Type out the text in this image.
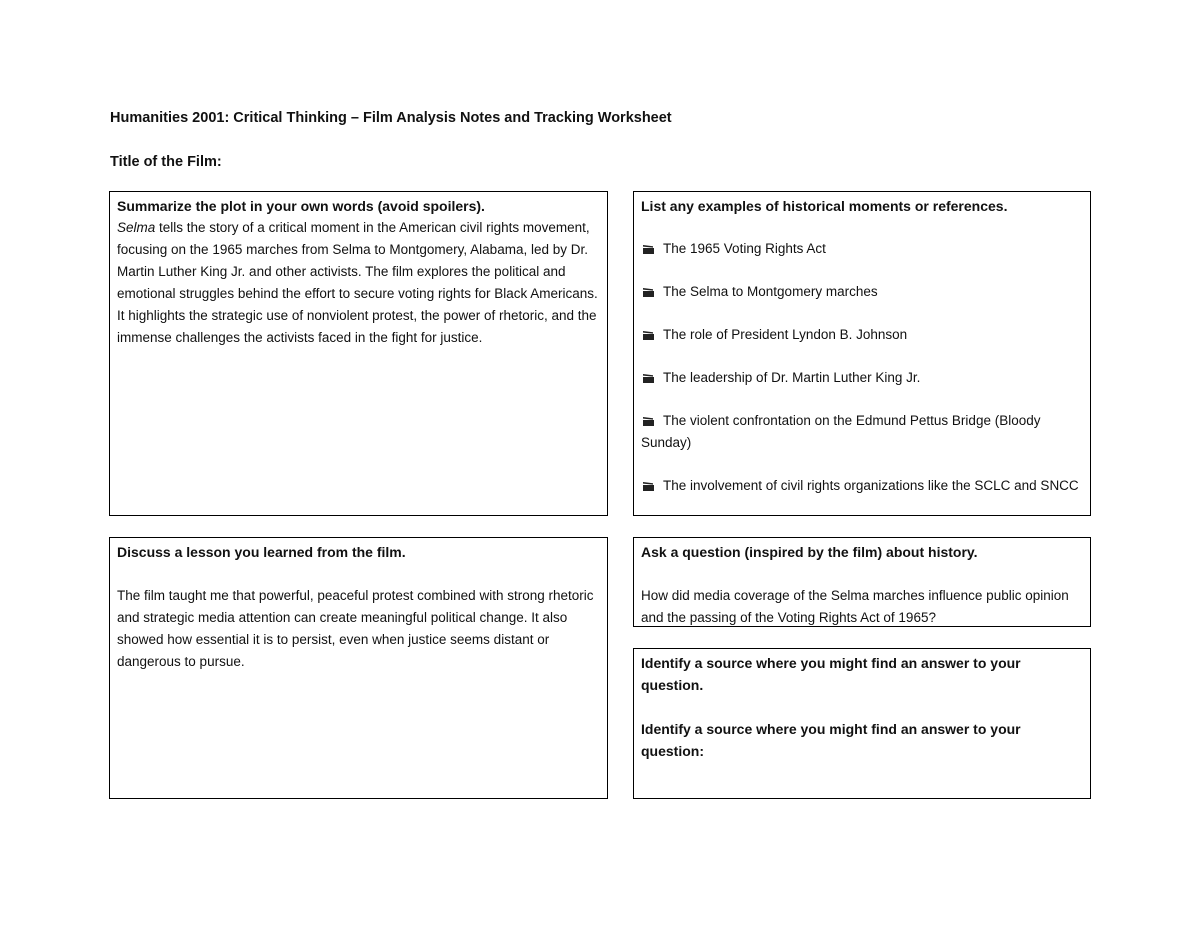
Humanities 2001: Critical Thinking – Film Analysis Notes and Tracking Worksheet
Title of the Film:
Summarize the plot in your own words (avoid spoilers).

Selma tells the story of a critical moment in the American civil rights movement, focusing on the 1965 marches from Selma to Montgomery, Alabama, led by Dr. Martin Luther King Jr. and other activists. The film explores the political and emotional struggles behind the effort to secure voting rights for Black Americans. It highlights the strategic use of nonviolent protest, the power of rhetoric, and the immense challenges the activists faced in the fight for justice.

List any examples of historical moments or references.
The 1965 Voting Rights Act
The Selma to Montgomery marches
The role of President Lyndon B. Johnson
The leadership of Dr. Martin Luther King Jr.
The violent confrontation on the Edmund Pettus Bridge (Bloody Sunday)
The involvement of civil rights organizations like the SCLC and SNCC
Discuss a lesson you learned from the film.

The film taught me that powerful, peaceful protest combined with strong rhetoric and strategic media attention can create meaningful political change. It also showed how essential it is to persist, even when justice seems distant or dangerous to pursue.

Ask a question (inspired by the film) about history.

How did media coverage of the Selma marches influence public opinion and the passing of the Voting Rights Act of 1965?

Identify a source where you might find an answer to your question.
Identify a source where you might find an answer to your question:
